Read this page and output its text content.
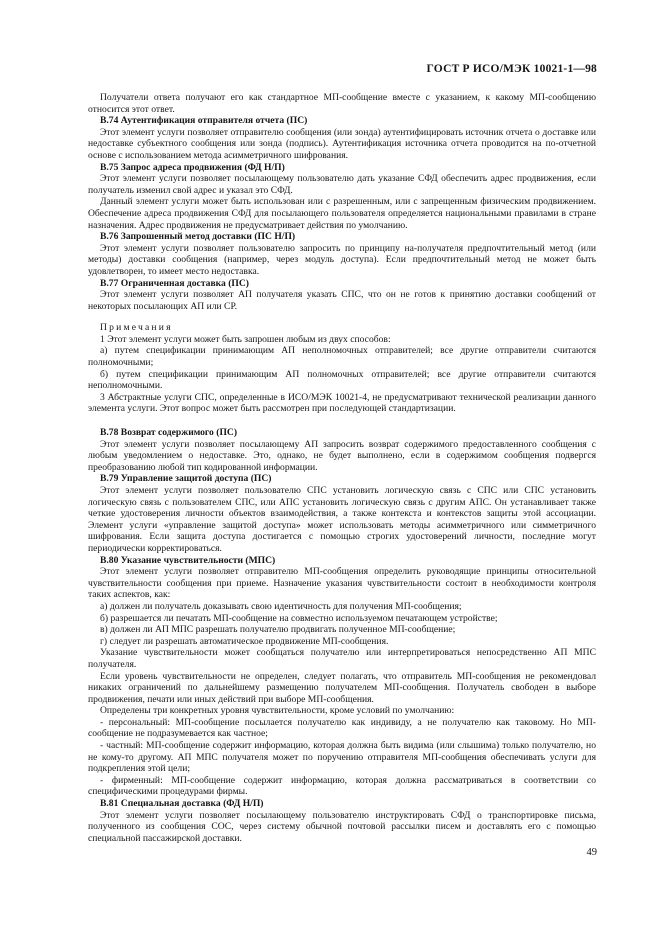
ГОСТ Р ИСО/МЭК 10021-1—98

Получатели ответа получают его как стандартное МП-сообщение вместе с указанием, к какому МП-сообщению относится этот ответ.

В.74 Аутентификация отправителя отчета (ПС)

Этот элемент услуги позволяет отправителю сообщения (или зонда) аутентифицировать источник отчета о доставке или недоставке субъектного сообщения или зонда (подпись). Аутентификация источника отчета проводится на по-отчетной основе с использованием метода асимметричного шифрования.

В.75 Запрос адреса продвижения (ФД Н/П)

Этот элемент услуги позволяет посылающему пользователю дать указание СФД обеспечить адрес продвижения, если получатель изменил свой адрес и указал это СФД.

Данный элемент услуги может быть использован или с разрешенным, или с запрещенным физическим продвижением. Обеспечение адреса продвижения СФД для посылающего пользователя определяется национальными правилами в стране назначения. Адрес продвижения не предусматривает действия по умолчанию.

В.76 Запрошенный метод доставки (ПС Н/П)

Этот элемент услуги позволяет пользователю запросить по принципу на-получателя предпочтительный метод (или методы) доставки сообщения (например, через модуль доступа). Если предпочтительный метод не может быть удовлетворен, то имеет место недоставка.

В.77 Ограниченная доставка (ПС)

Этот элемент услуги позволяет АП получателя указать СПС, что он не готов к принятию доставки сообщений от некоторых посылающих АП или СР.

Примечания

1 Этот элемент услуги может быть запрошен любым из двух способов:

а) путем спецификации принимающим АП неполномочных отправителей; все другие отправители считаются полномочными;

б) путем спецификации принимающим АП полномочных отправителей; все другие отправители считаются неполномочными.

3 Абстрактные услуги СПС, определенные в ИСО/МЭК 10021-4, не предусматривают технической реализации данного элемента услуги. Этот вопрос может быть рассмотрен при последующей стандартизации.

В.78 Возврат содержимого (ПС)

Этот элемент услуги позволяет посылающему АП запросить возврат содержимого предоставленного сообщения с любым уведомлением о недоставке. Это, однако, не будет выполнено, если в содержимом сообщения подвергся преобразованию любой тип кодированной информации.

В.79 Управление защитой доступа (ПС)

Этот элемент услуги позволяет пользователю СПС установить логическую связь с СПС или СПС установить логическую связь с пользователем СПС, или АПС установить логическую связь с другим АПС. Он устанавливает также четкие удостоверения личности объектов взаимодействия, а также контекста и контекстов защиты этой ассоциации. Элемент услуги «управление защитой доступа» может использовать методы асимметричного или симметричного шифрования. Если защита доступа достигается с помощью строгих удостоверений личности, последние могут периодически корректироваться.

В.80 Указание чувствительности (МПС)

Этот элемент услуги позволяет отправителю МП-сообщения определить руководящие принципы относительной чувствительности сообщения при приеме. Назначение указания чувствительности состоит в необходимости контроля таких аспектов, как:

а) должен ли получатель доказывать свою идентичность для получения МП-сообщения;

б) разрешается ли печатать МП-сообщение на совместно используемом печатающем устройстве;

в) должен ли АП МПС разрешать получателю продвигать полученное МП-сообщение;

г) следует ли разрешать автоматическое продвижение МП-сообщения.

Указание чувствительности может сообщаться получателю или интерпретироваться непосредственно АП МПС получателя.

Если уровень чувствительности не определен, следует полагать, что отправитель МП-сообщения не рекомендовал никаких ограничений по дальнейшему размещению получателем МП-сообщения. Получатель свободен в выборе продвижения, печати или иных действий при выборе МП-сообщения.

Определены три конкретных уровня чувствительности, кроме условий по умолчанию:

- персональный: МП-сообщение посылается получателю как индивиду, а не получателю как таковому. Но МП-сообщение не подразумевается как частное;

- частный: МП-сообщение содержит информацию, которая должна быть видима (или слышима) только получателю, но не кому-то другому. АП МПС получателя может по поручению отправителя МП-сообщения обеспечивать услуги для подкрепления этой цели;

- фирменный: МП-сообщение содержит информацию, которая должна рассматриваться в соответствии со специфическими процедурами фирмы.

В.81 Специальная доставка (ФД Н/П)

Этот элемент услуги позволяет посылающему пользователю инструктировать СФД о транспортировке письма, полученного из сообщения СОС, через систему обычной почтовой рассылки писем и доставлять его с помощью специальной пассажирской доставки.

49
